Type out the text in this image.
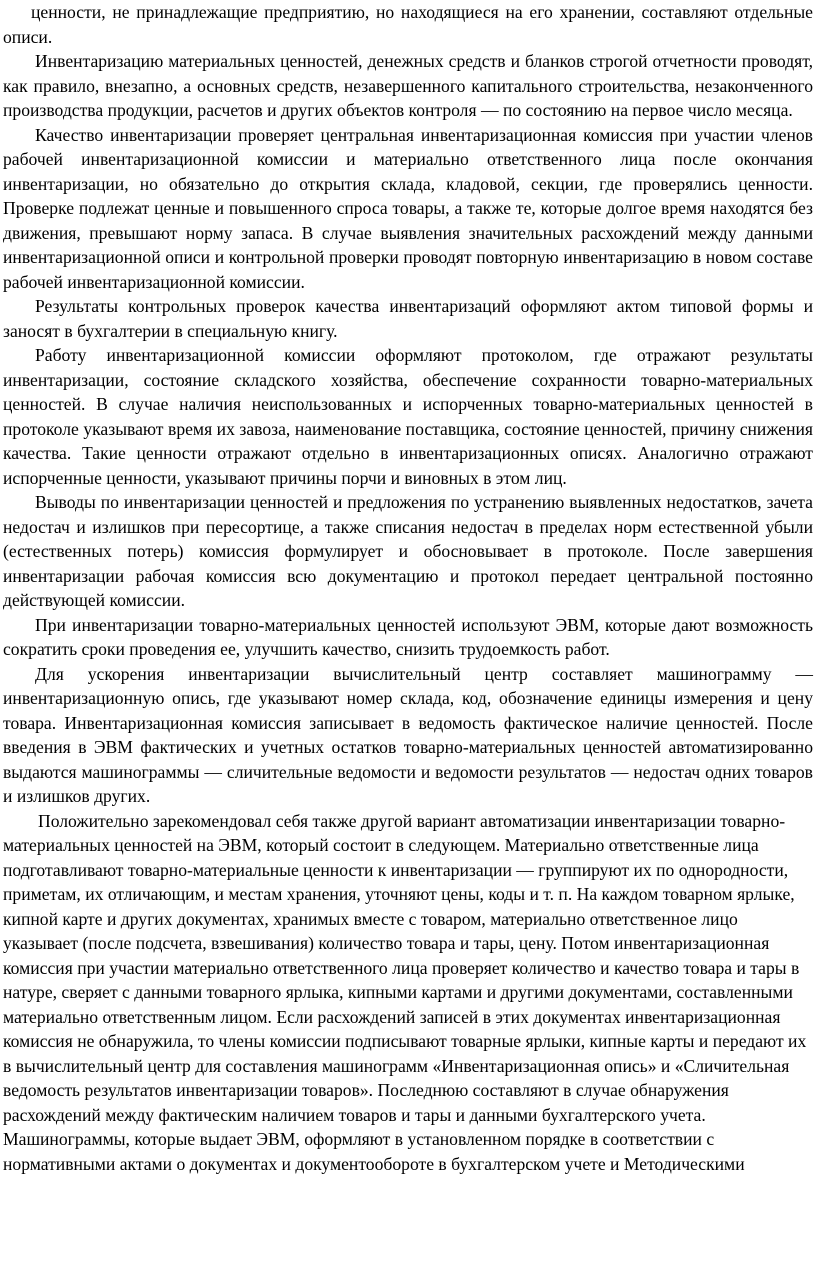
ценности, не принадлежащие предприятию, но находящиеся на его хранении, составляют отдельные описи.

Инвентаризацию материальных ценностей, денежных средств и бланков строгой отчетности проводят, как правило, внезапно, а основных средств, незавершенного капитального строительства, незаконченного производства продукции, расчетов и других объектов контроля — по состоянию на первое число месяца.

Качество инвентаризации проверяет центральная инвентаризационная комиссия при участии членов рабочей инвентаризационной комиссии и материально ответственного лица после окончания инвентаризации, но обязательно до открытия склада, кладовой, секции, где проверялись ценности. Проверке подлежат ценные и повышенного спроса товары, а также те, которые долгое время находятся без движения, превышают норму запаса. В случае выявления значительных расхождений между данными инвентаризационной описи и контрольной проверки проводят повторную инвентаризацию в новом составе рабочей инвентаризационной комиссии.

Результаты контрольных проверок качества инвентаризаций оформляют актом типовой формы и заносят в бухгалтерии в специальную книгу.

Работу инвентаризационной комиссии оформляют протоколом, где отражают результаты инвентаризации, состояние складского хозяйства, обеспечение сохранности товарно-материальных ценностей. В случае наличия неиспользованных и испорченных товарно-материальных ценностей в протоколе указывают время их завоза, наименование поставщика, состояние ценностей, причину снижения качества. Такие ценности отражают отдельно в инвентаризационных описях. Аналогично отражают испорченные ценности, указывают причины порчи и виновных в этом лиц.

Выводы по инвентаризации ценностей и предложения по устранению выявленных недостатков, зачета недостач и излишков при пересортице, а также списания недостач в пределах норм естественной убыли (естественных потерь) комиссия формулирует и обосновывает в протоколе. После завершения инвентаризации рабочая комиссия всю документацию и протокол передает центральной постоянно действующей комиссии.

При инвентаризации товарно-материальных ценностей используют ЭВМ, которые дают возможность сократить сроки проведения ее, улучшить качество, снизить трудоемкость работ.

Для ускорения инвентаризации вычислительный центр составляет машинограмму — инвентаризационную опись, где указывают номер склада, код, обозначение единицы измерения и цену товара. Инвентаризационная комиссия записывает в ведомость фактическое наличие ценностей. После введения в ЭВМ фактических и учетных остатков товарно-материальных ценностей автоматизированно выдаются машинограммы — сличительные ведомости и ведомости результатов — недостач одних товаров и излишков других.

Положительно зарекомендовал себя также другой вариант автоматизации инвентаризации товарно-материальных ценностей на ЭВМ, который состоит в следующем. Материально ответственные лица подготавливают товарно-материальные ценности к инвентаризации — группируют их по однородности, приметам, их отличающим, и местам хранения, уточняют цены, коды и т. п. На каждом товарном ярлыке, кипной карте и других документах, хранимых вместе с товаром, материально ответственное лицо указывает (после подсчета, взвешивания) количество товара и тары, цену. Потом инвентаризационная комиссия при участии материально ответственного лица проверяет количество и качество товара и тары в натуре, сверяет с данными товарного ярлыка, кипными картами и другими документами, составленными материально ответственным лицом. Если расхождений записей в этих документах инвентаризационная комиссия не обнаружила, то члены комиссии подписывают товарные ярлыки, кипные карты и передают их в вычислительный центр для составления машинограмм «Инвентаризационная опись» и «Сличительная ведомость результатов инвентаризации товаров». Последнюю составляют в случае обнаружения расхождений между фактическим наличием товаров и тары и данными бухгалтерского учета. Машинограммы, которые выдает ЭВМ, оформляют в установленном порядке в соответствии с нормативными актами о документах и документообороте в бухгалтерском учете и Методическими
